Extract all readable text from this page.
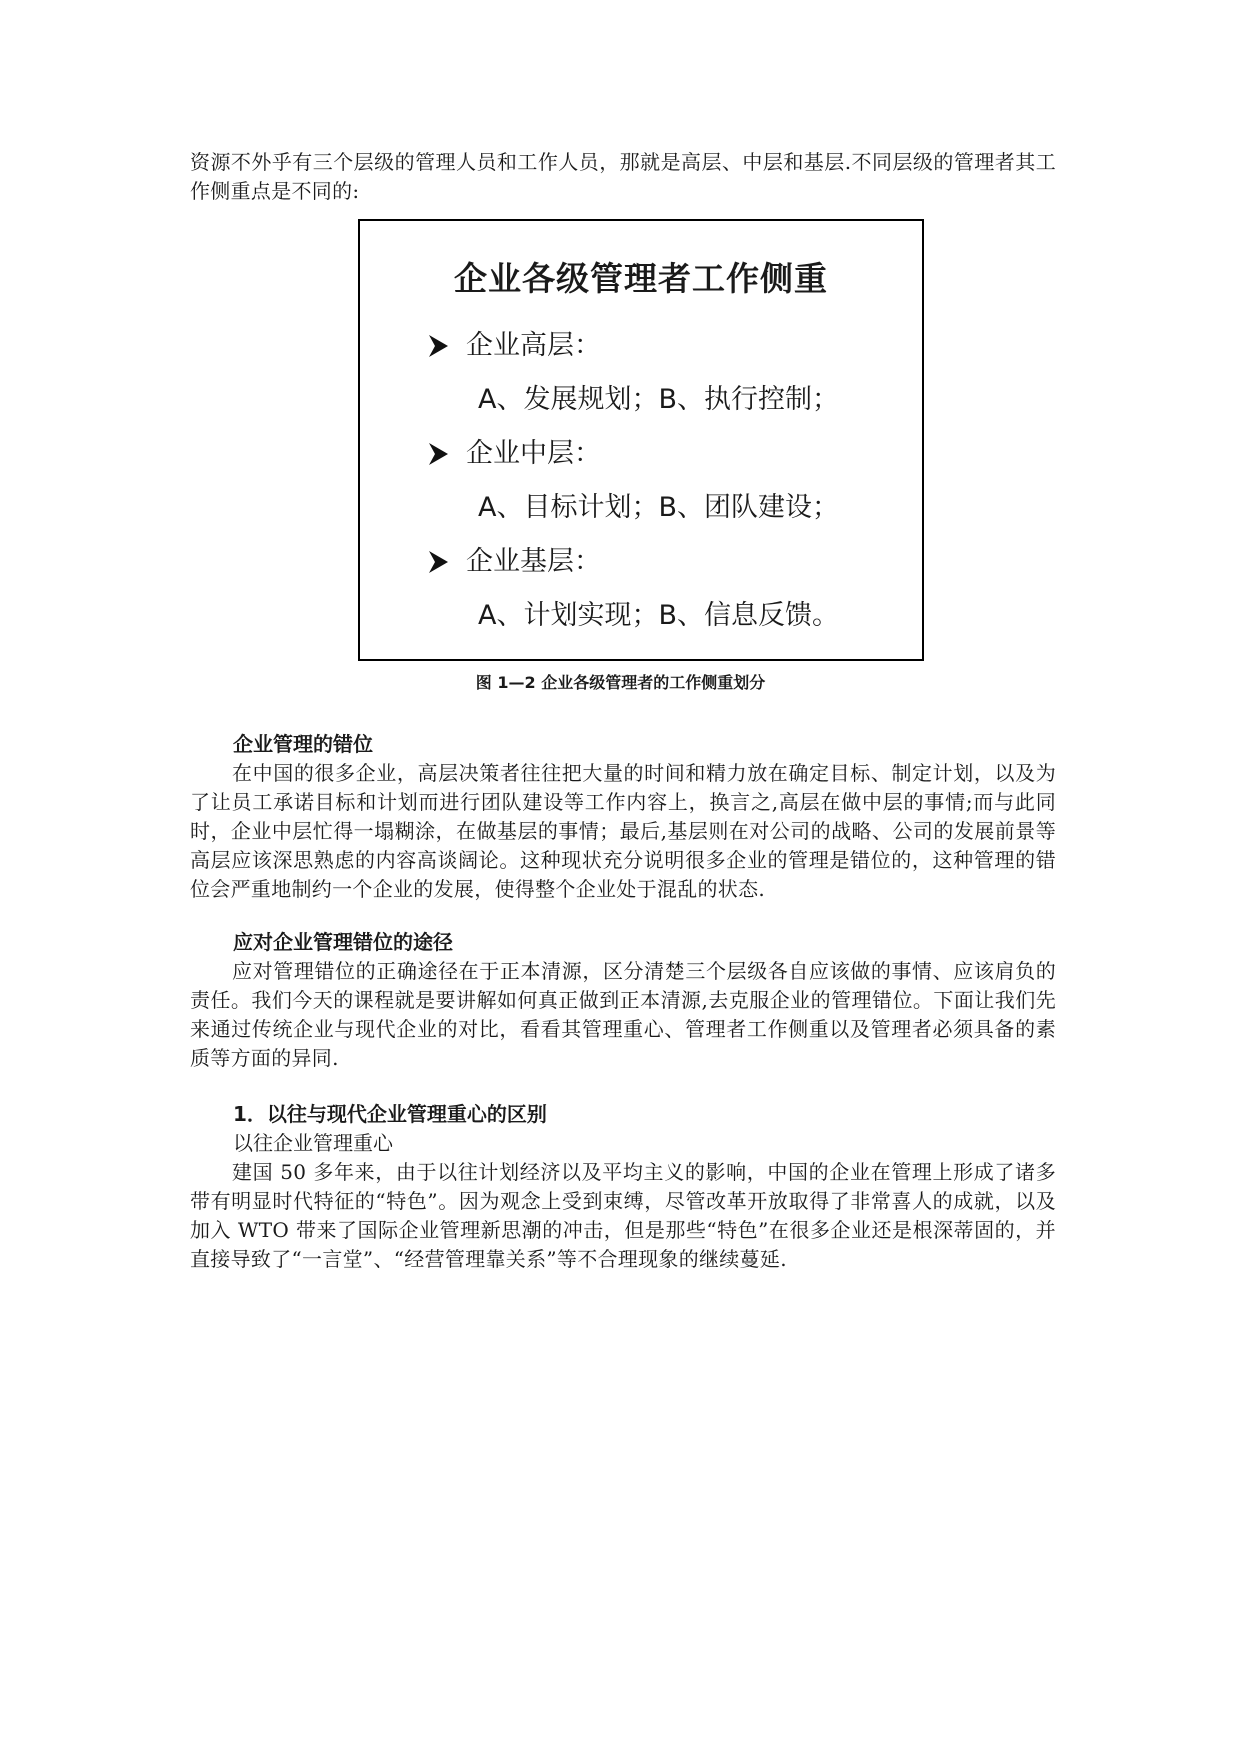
资源不外乎有三个层级的管理人员和工作人员，那就是高层、中层和基层.不同层级的管理者其工作侧重点是不同的:

企业各级管理者工作侧重

企业高层：
A、发展规划；B、执行控制；
企业中层：
A、目标计划；B、团队建设；
企业基层：
A、计划实现；B、信息反馈。

图 1—2 企业各级管理者的工作侧重划分

企业管理的错位

在中国的很多企业，高层决策者往往把大量的时间和精力放在确定目标、制定计划，以及为了让员工承诺目标和计划而进行团队建设等工作内容上，换言之,高层在做中层的事情;而与此同时，企业中层忙得一塌糊涂，在做基层的事情；最后,基层则在对公司的战略、公司的发展前景等高层应该深思熟虑的内容高谈阔论。这种现状充分说明很多企业的管理是错位的，这种管理的错位会严重地制约一个企业的发展，使得整个企业处于混乱的状态.

应对企业管理错位的途径

应对管理错位的正确途径在于正本清源，区分清楚三个层级各自应该做的事情、应该肩负的责任。我们今天的课程就是要讲解如何真正做到正本清源,去克服企业的管理错位。下面让我们先来通过传统企业与现代企业的对比，看看其管理重心、管理者工作侧重以及管理者必须具备的素质等方面的异同.

1．以往与现代企业管理重心的区别

以往企业管理重心

建国 50 多年来，由于以往计划经济以及平均主义的影响，中国的企业在管理上形成了诸多带有明显时代特征的“特色”。因为观念上受到束缚，尽管改革开放取得了非常喜人的成就，以及加入 WTO 带来了国际企业管理新思潮的冲击，但是那些“特色”在很多企业还是根深蒂固的，并直接导致了“一言堂”、“经营管理靠关系”等不合理现象的继续蔓延.
